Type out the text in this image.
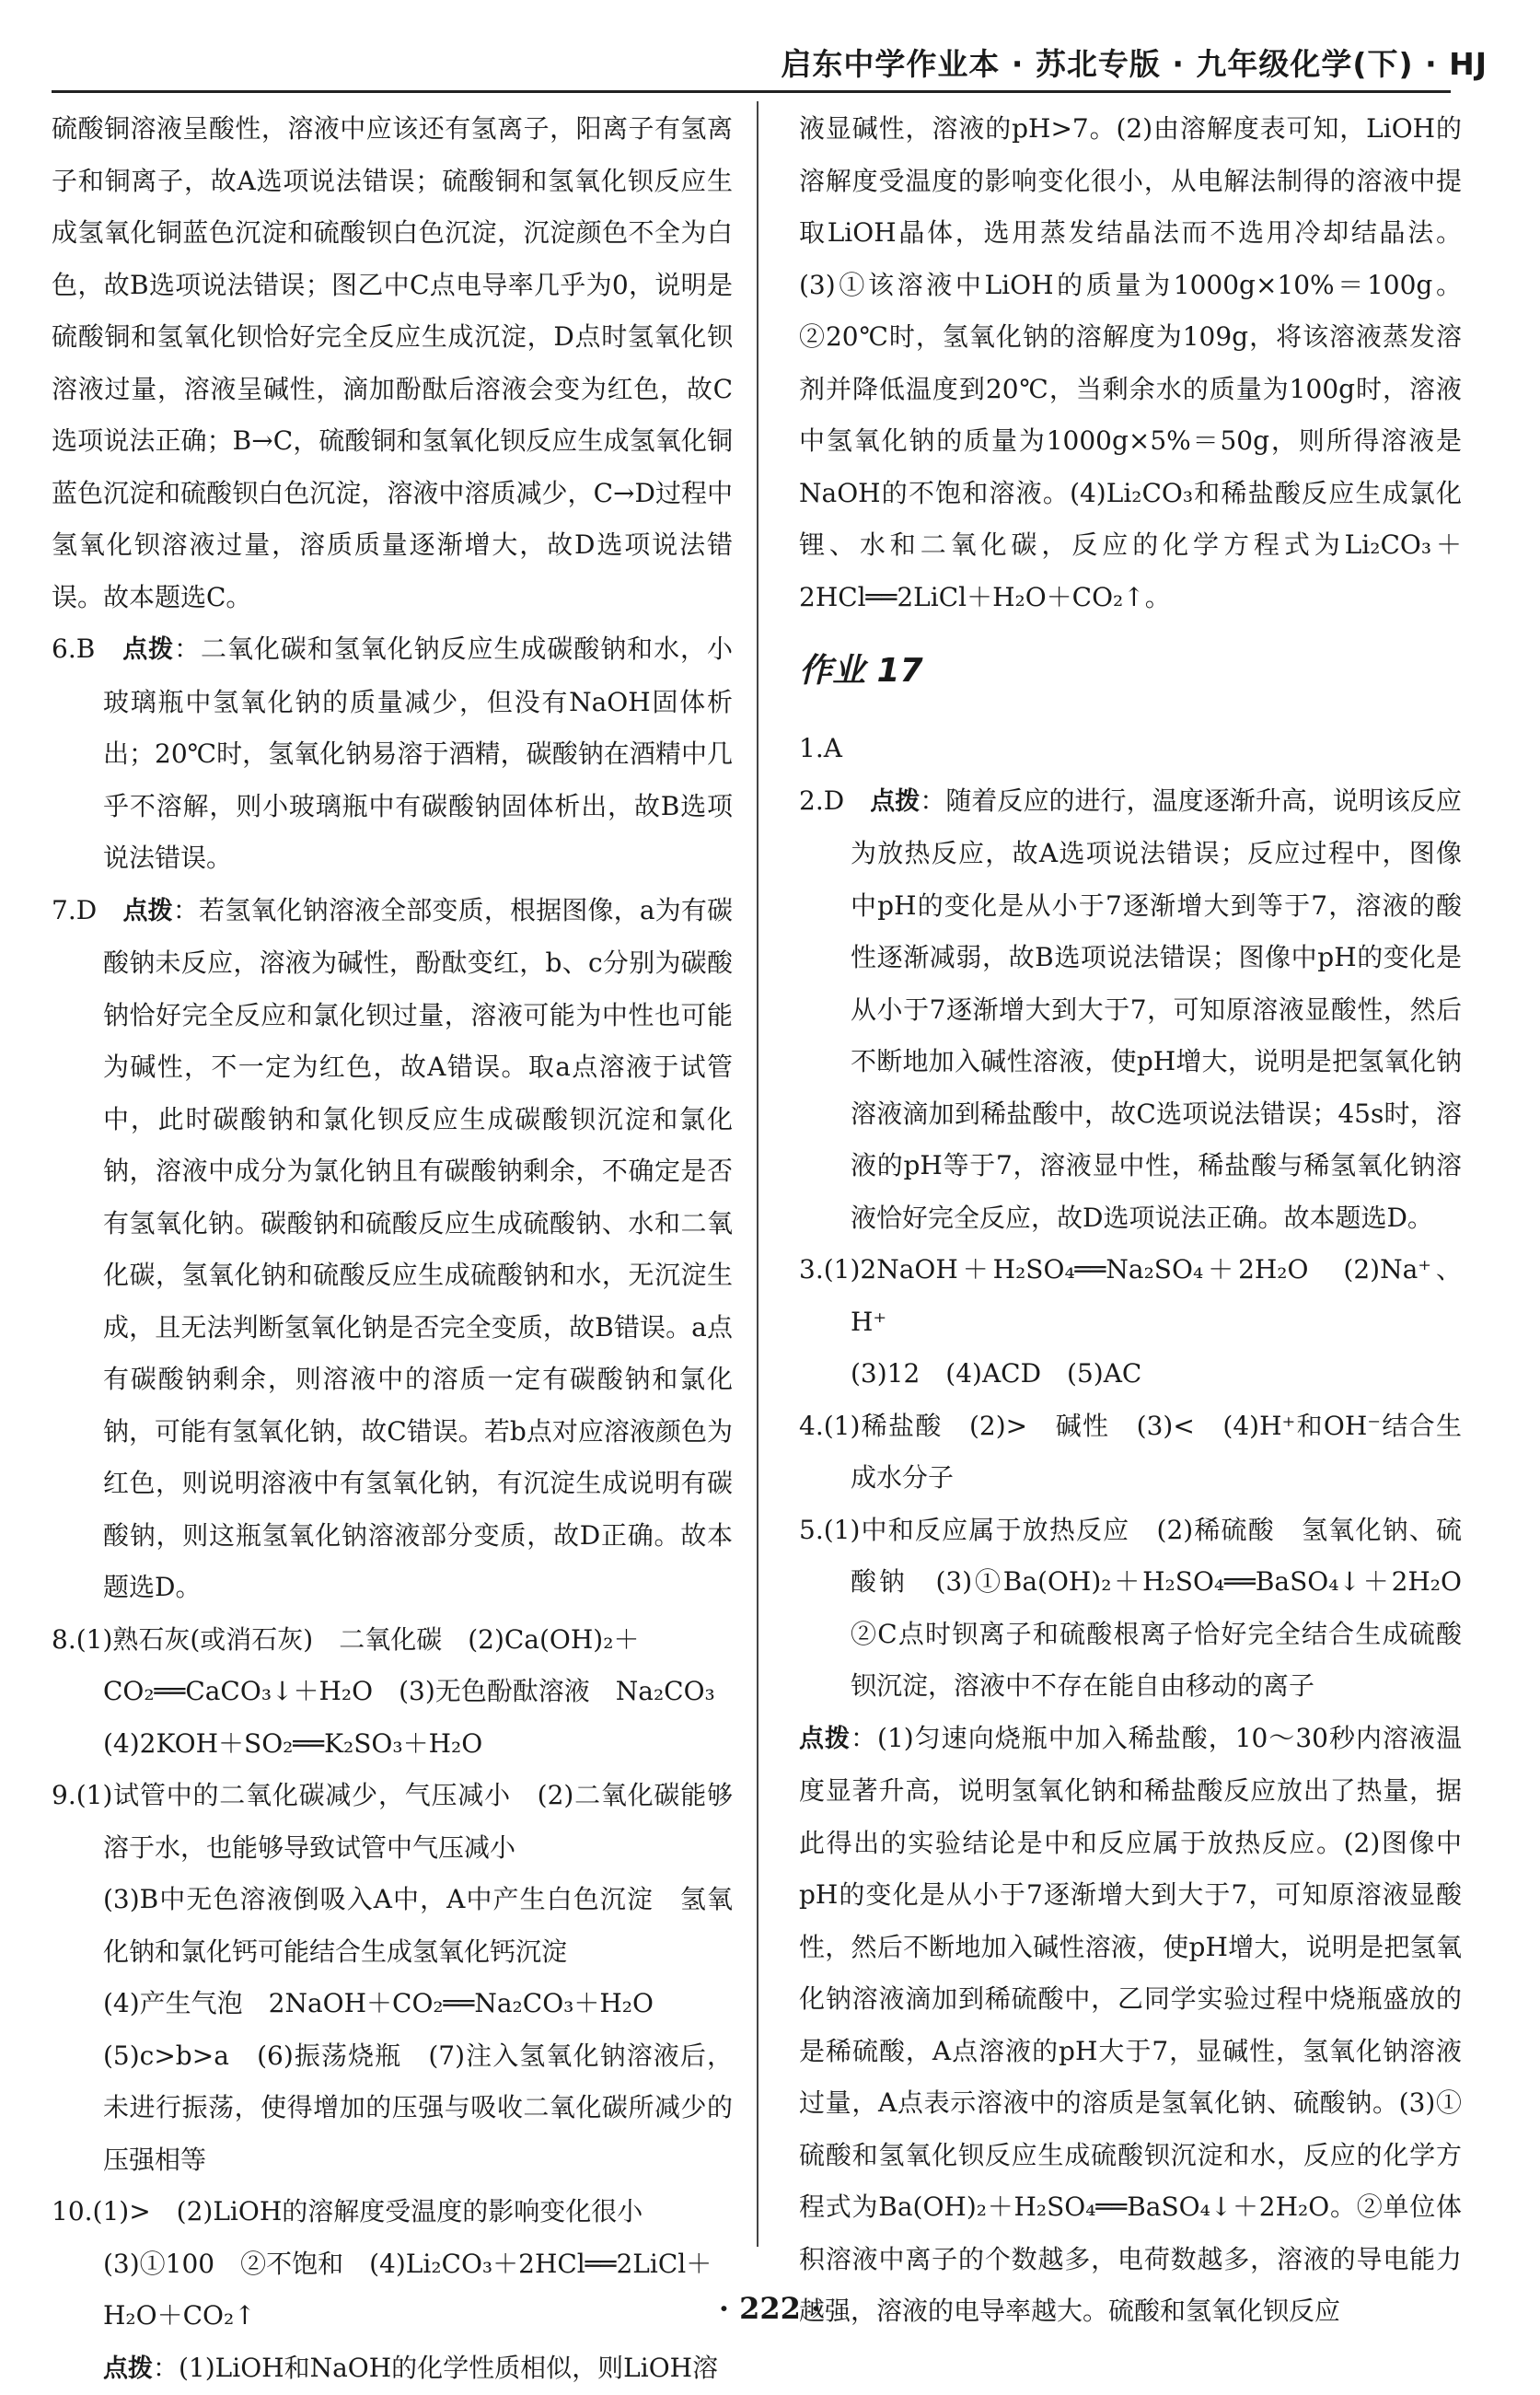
启东中学作业本 · 苏北专版 · 九年级化学(下) · HJ

硫酸铜溶液呈酸性，溶液中应该还有氢离子，阳离子有氢离子和铜离子，故A选项说法错误；硫酸铜和氢氧化钡反应生成氢氧化铜蓝色沉淀和硫酸钡白色沉淀，沉淀颜色不全为白色，故B选项说法错误；图乙中C点电导率几乎为0，说明是硫酸铜和氢氧化钡恰好完全反应生成沉淀，D点时氢氧化钡溶液过量，溶液呈碱性，滴加酚酞后溶液会变为红色，故C选项说法正确；B→C，硫酸铜和氢氧化钡反应生成氢氧化铜蓝色沉淀和硫酸钡白色沉淀，溶液中溶质减少，C→D过程中氢氧化钡溶液过量，溶质质量逐渐增大，故D选项说法错误。故本题选C。

6.B　 点拨：二氧化碳和氢氧化钠反应生成碳酸钠和水，小玻璃瓶中氢氧化钠的质量减少，但没有NaOH固体析出；20℃时，氢氧化钠易溶于酒精，碳酸钠在酒精中几乎不溶解，则小玻璃瓶中有碳酸钠固体析出，故B选项说法错误。

7.D　 点拨：若氢氧化钠溶液全部变质，根据图像，a为有碳酸钠未反应，溶液为碱性，酚酞变红，b、c分别为碳酸钠恰好完全反应和氯化钡过量，溶液可能为中性也可能为碱性，不一定为红色，故A错误。取a点溶液于试管中，此时碳酸钠和氯化钡反应生成碳酸钡沉淀和氯化钠，溶液中成分为氯化钠且有碳酸钠剩余，不确定是否有氢氧化钠。碳酸钠和硫酸反应生成硫酸钠、水和二氧化碳，氢氧化钠和硫酸反应生成硫酸钠和水，无沉淀生成，且无法判断氢氧化钠是否完全变质，故B错误。a点有碳酸钠剩余，则溶液中的溶质一定有碳酸钠和氯化钠，可能有氢氧化钠，故C错误。若b点对应溶液颜色为红色，则说明溶液中有氢氧化钠，有沉淀生成说明有碳酸钠，则这瓶氢氧化钠溶液部分变质，故D正确。故本题选D。

8.(1)熟石灰(或消石灰)　二氧化碳　(2)Ca(OH)₂＋

CO₂══CaCO₃↓＋H₂O　(3)无色酚酞溶液　Na₂CO₃

(4)2KOH＋SO₂══K₂SO₃＋H₂O

9.(1)试管中的二氧化碳减少，气压减小　(2)二氧化碳能够溶于水，也能够导致试管中气压减小

(3)B中无色溶液倒吸入A中，A中产生白色沉淀　氢氧化钠和氯化钙可能结合生成氢氧化钙沉淀

(4)产生气泡　2NaOH＋CO₂══Na₂CO₃＋H₂O

(5)c>b>a　(6)振荡烧瓶　(7)注入氢氧化钠溶液后，未进行振荡，使得增加的压强与吸收二氧化碳所减少的压强相等

10.(1)>　(2)LiOH的溶解度受温度的影响变化很小

(3)①100　②不饱和　(4)Li₂CO₃＋2HCl══2LiCl＋

H₂O＋CO₂↑

点拨：(1)LiOH和NaOH的化学性质相似，则LiOH溶

液显碱性，溶液的pH>7。(2)由溶解度表可知，LiOH的溶解度受温度的影响变化很小，从电解法制得的溶液中提取LiOH晶体，选用蒸发结晶法而不选用冷却结晶法。(3)①该溶液中LiOH的质量为1000g×10%＝100g。②20℃时，氢氧化钠的溶解度为109g，将该溶液蒸发溶剂并降低温度到20℃，当剩余水的质量为100g时，溶液中氢氧化钠的质量为1000g×5%＝50g，则所得溶液是NaOH的不饱和溶液。(4)Li₂CO₃和稀盐酸反应生成氯化锂、水和二氧化碳，反应的化学方程式为Li₂CO₃＋2HCl══2LiCl＋H₂O＋CO₂↑。

作业 17

1.A

2.D　 点拨：随着反应的进行，温度逐渐升高，说明该反应为放热反应，故A选项说法错误；反应过程中，图像中pH的变化是从小于7逐渐增大到等于7，溶液的酸性逐渐减弱，故B选项说法错误；图像中pH的变化是从小于7逐渐增大到大于7，可知原溶液显酸性，然后不断地加入碱性溶液，使pH增大，说明是把氢氧化钠溶液滴加到稀盐酸中，故C选项说法错误；45s时，溶液的pH等于7，溶液显中性，稀盐酸与稀氢氧化钠溶液恰好完全反应，故D选项说法正确。故本题选D。

3.(1)2NaOH＋H₂SO₄══Na₂SO₄＋2H₂O　(2)Na⁺、H⁺

(3)12　(4)ACD　(5)AC

4.(1)稀盐酸　(2)>　碱性　(3)<　(4)H⁺和OH⁻结合生成水分子

5.(1)中和反应属于放热反应　(2)稀硫酸　氢氧化钠、硫酸钠　(3)①Ba(OH)₂＋H₂SO₄══BaSO₄↓＋2H₂O　②C点时钡离子和硫酸根离子恰好完全结合生成硫酸钡沉淀，溶液中不存在能自由移动的离子

点拨：(1)匀速向烧瓶中加入稀盐酸，10～30秒内溶液温度显著升高，说明氢氧化钠和稀盐酸反应放出了热量，据此得出的实验结论是中和反应属于放热反应。(2)图像中pH的变化是从小于7逐渐增大到大于7，可知原溶液显酸性，然后不断地加入碱性溶液，使pH增大，说明是把氢氧化钠溶液滴加到稀硫酸中，乙同学实验过程中烧瓶盛放的是稀硫酸，A点溶液的pH大于7，显碱性，氢氧化钠溶液过量，A点表示溶液中的溶质是氢氧化钠、硫酸钠。(3)①硫酸和氢氧化钡反应生成硫酸钡沉淀和水，反应的化学方程式为Ba(OH)₂＋H₂SO₄══BaSO₄↓＋2H₂O。②单位体积溶液中离子的个数越多，电荷数越多，溶液的导电能力越强，溶液的电导率越大。硫酸和氢氧化钡反应

· 222 ·
